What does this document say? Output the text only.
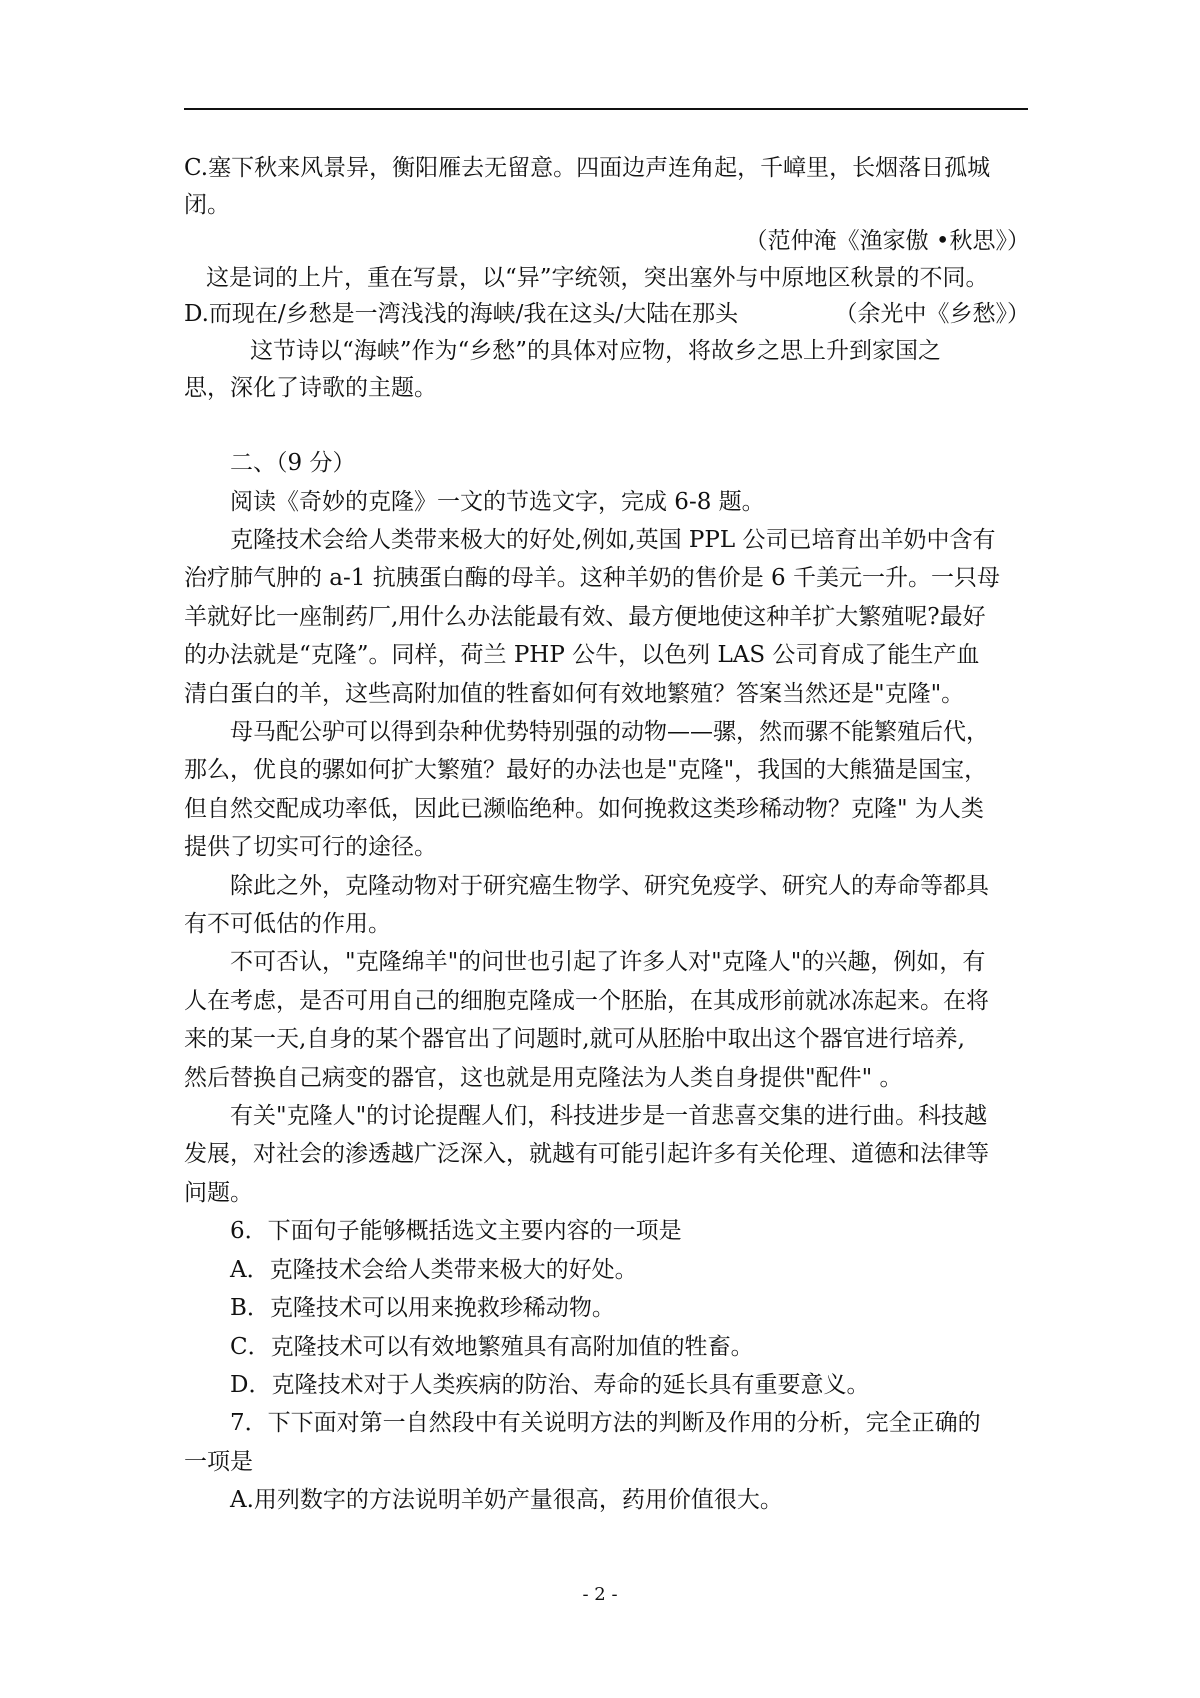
C.塞下秋来风景异，衡阳雁去无留意。四面边声连角起，千嶂里，长烟落日孤城

闭。

（范仲淹《渔家傲 •秋思》）

这是词的上片，重在写景，以“异”字统领，突出塞外与中原地区秋景的不同。

D.而现在/乡愁是一湾浅浅的海峡/我在这头/大陆在那头	（余光中《乡愁》）

这节诗以“海峡”作为“乡愁”的具体对应物，将故乡之思上升到家国之

思，深化了诗歌的主题。

二、（9 分）

阅读《奇妙的克隆》一文的节选文字，完成 6-8 题。

克隆技术会给人类带来极大的好处,例如,英国 PPL 公司已培育出羊奶中含有

治疗肺气肿的 a-1 抗胰蛋白酶的母羊。这种羊奶的售价是 6 千美元一升。一只母

羊就好比一座制药厂,用什么办法能最有效、最方便地使这种羊扩大繁殖呢?最好

的办法就是“克隆”。同样，荷兰 PHP 公牛，以色列 LAS 公司育成了能生产血

清白蛋白的羊，这些高附加值的牲畜如何有效地繁殖？答案当然还是"克隆"。

母马配公驴可以得到杂种优势特别强的动物——骡，然而骡不能繁殖后代，

那么，优良的骡如何扩大繁殖？最好的办法也是"克隆"，我国的大熊猫是国宝，

但自然交配成功率低，因此已濒临绝种。如何挽救这类珍稀动物？克隆" 为人类

提供了切实可行的途径。

除此之外，克隆动物对于研究癌生物学、研究免疫学、研究人的寿命等都具

有不可低估的作用。

不可否认，"克隆绵羊"的问世也引起了许多人对"克隆人"的兴趣，例如，有

人在考虑，是否可用自己的细胞克隆成一个胚胎，在其成形前就冰冻起来。在将

来的某一天,自身的某个器官出了问题时,就可从胚胎中取出这个器官进行培养,

然后替换自己病变的器官，这也就是用克隆法为人类自身提供"配件" 。

有关"克隆人"的讨论提醒人们，科技进步是一首悲喜交集的进行曲。科技越

发展，对社会的渗透越广泛深入，就越有可能引起许多有关伦理、道德和法律等

问题。

6．下面句子能够概括选文主要内容的一项是

A．克隆技术会给人类带来极大的好处。

B．克隆技术可以用来挽救珍稀动物。

C．克隆技术可以有效地繁殖具有高附加值的牲畜。

D．克隆技术对于人类疾病的防治、寿命的延长具有重要意义。

7．下下面对第一自然段中有关说明方法的判断及作用的分析，完全正确的

一项是

A.用列数字的方法说明羊奶产量很高，药用价值很大。

- 2 -
